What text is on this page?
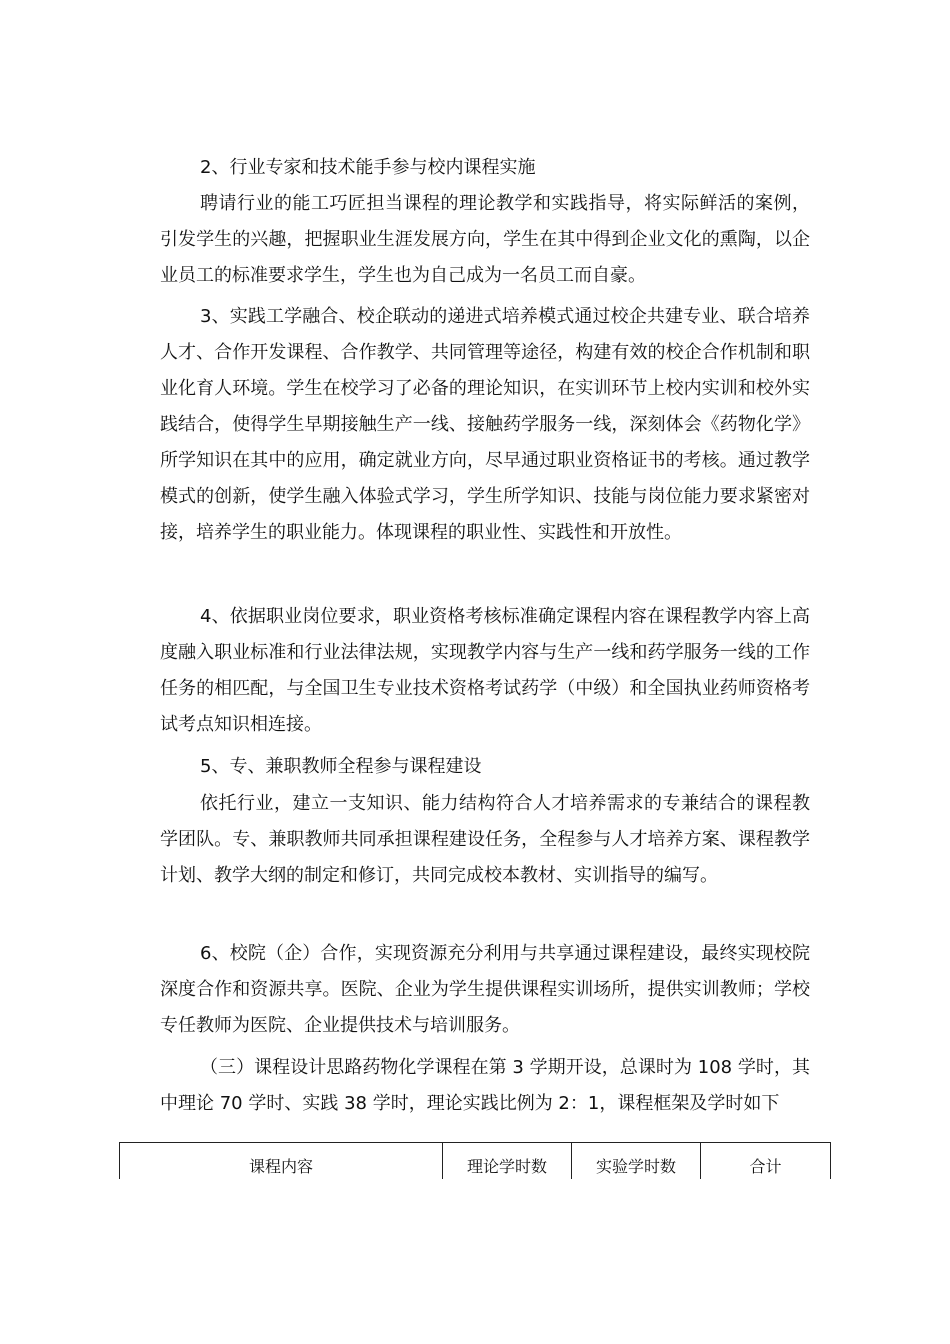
2、行业专家和技术能手参与校内课程实施

聘请行业的能工巧匠担当课程的理论教学和实践指导，将实际鲜活的案例，引发学生的兴趣，把握职业生涯发展方向，学生在其中得到企业文化的熏陶，以企业员工的标准要求学生，学生也为自己成为一名员工而自豪。

3、实践工学融合、校企联动的递进式培养模式通过校企共建专业、联合培养人才、合作开发课程、合作教学、共同管理等途径，构建有效的校企合作机制和职业化育人环境。学生在校学习了必备的理论知识，在实训环节上校内实训和校外实践结合，使得学生早期接触生产一线、接触药学服务一线，深刻体会《药物化学》所学知识在其中的应用，确定就业方向，尽早通过职业资格证书的考核。通过教学模式的创新，使学生融入体验式学习，学生所学知识、技能与岗位能力要求紧密对接，培养学生的职业能力。体现课程的职业性、实践性和开放性。

4、依据职业岗位要求，职业资格考核标准确定课程内容在课程教学内容上高度融入职业标准和行业法律法规，实现教学内容与生产一线和药学服务一线的工作任务的相匹配，与全国卫生专业技术资格考试药学（中级）和全国执业药师资格考试考点知识相连接。

5、专、兼职教师全程参与课程建设

依托行业，建立一支知识、能力结构符合人才培养需求的专兼结合的课程教学团队。专、兼职教师共同承担课程建设任务，全程参与人才培养方案、课程教学计划、教学大纲的制定和修订，共同完成校本教材、实训指导的编写。

6、校院（企）合作，实现资源充分利用与共享通过课程建设，最终实现校院深度合作和资源共享。医院、企业为学生提供课程实训场所，提供实训教师；学校专任教师为医院、企业提供技术与培训服务。

（三）课程设计思路药物化学课程在第 3 学期开设，总课时为 108 学时，其中理论 70 学时、实践 38 学时，理论实践比例为 2：1，课程框架及学时如下

课程内容	理论学时数	实验学时数	合计
